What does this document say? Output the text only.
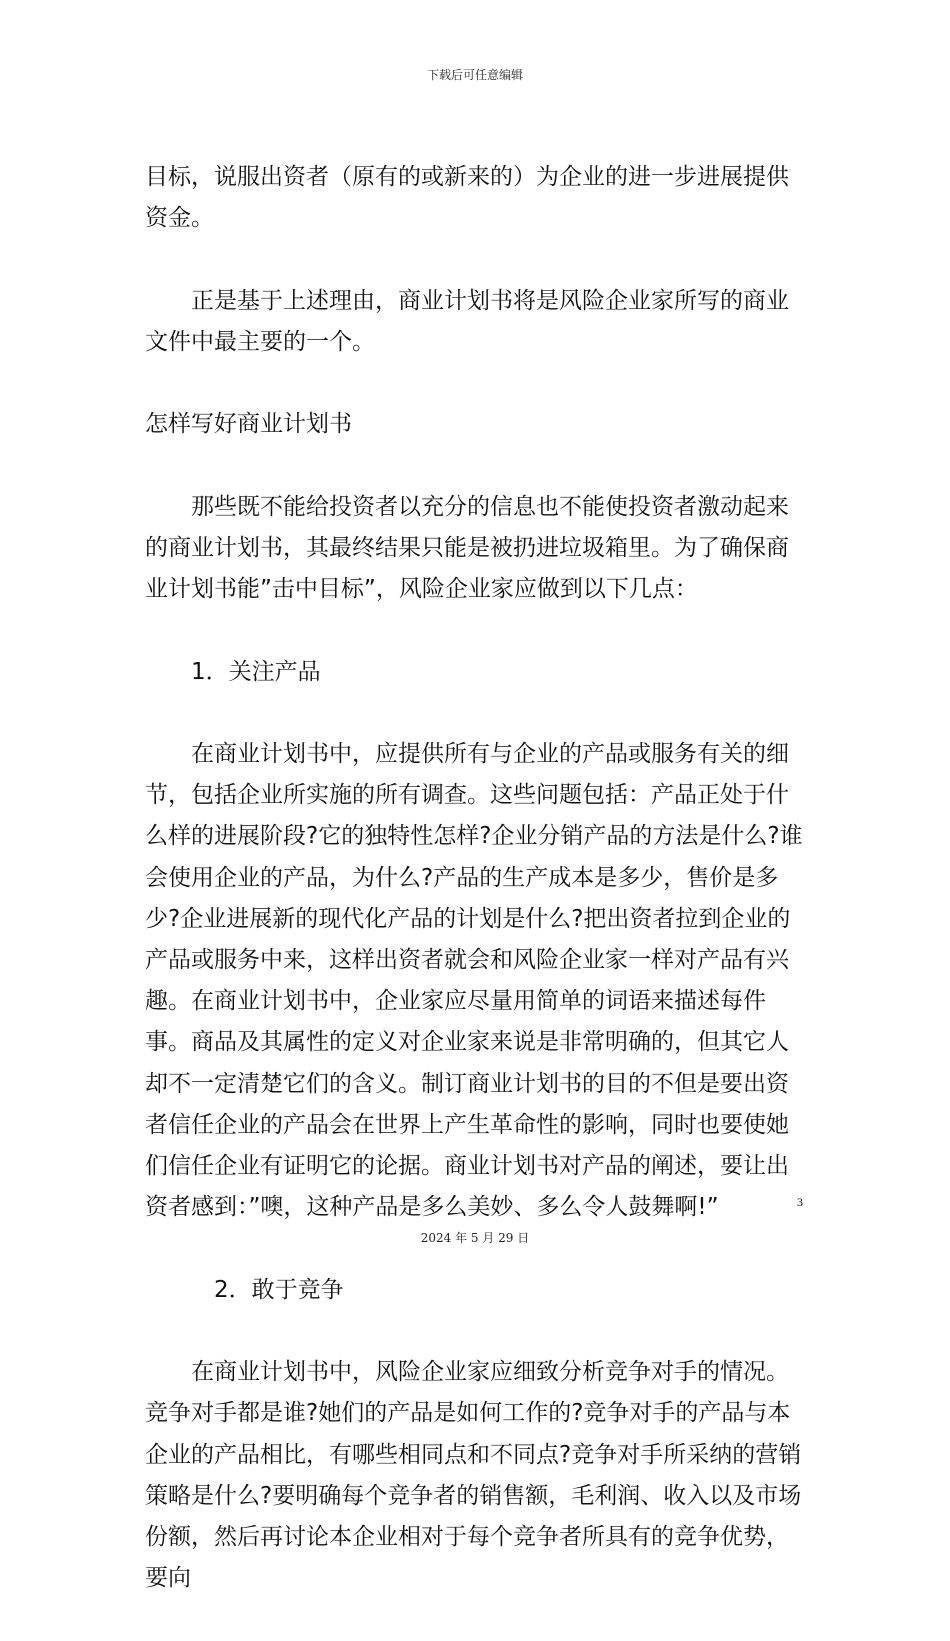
下载后可任意编辑

目标，说服出资者（原有的或新来的）为企业的进一步进展提供资金。

正是基于上述理由，商业计划书将是风险企业家所写的商业文件中最主要的一个。

怎样写好商业计划书

那些既不能给投资者以充分的信息也不能使投资者激动起来的商业计划书，其最终结果只能是被扔进垃圾箱里。为了确保商业计划书能”击中目标”，风险企业家应做到以下几点：

1．关注产品

在商业计划书中，应提供所有与企业的产品或服务有关的细节，包括企业所实施的所有调查。这些问题包括：产品正处于什么样的进展阶段?它的独特性怎样?企业分销产品的方法是什么?谁会使用企业的产品，为什么?产品的生产成本是多少，售价是多少?企业进展新的现代化产品的计划是什么?把出资者拉到企业的产品或服务中来，这样出资者就会和风险企业家一样对产品有兴趣。在商业计划书中，企业家应尽量用简单的词语来描述每件事。商品及其属性的定义对企业家来说是非常明确的，但其它人却不一定清楚它们的含义。制订商业计划书的目的不但是要出资者信任企业的产品会在世界上产生革命性的影响，同时也要使她们信任企业有证明它的论据。商业计划书对产品的阐述，要让出资者感到：”噢，这种产品是多么美妙、多么令人鼓舞啊!”

2．敢于竞争

在商业计划书中，风险企业家应细致分析竞争对手的情况。竞争对手都是谁?她们的产品是如何工作的?竞争对手的产品与本企业的产品相比，有哪些相同点和不同点?竞争对手所采纳的营销策略是什么?要明确每个竞争者的销售额，毛利润、收入以及市场份额，然后再讨论本企业相对于每个竞争者所具有的竞争优势，要向

3
2024 年 5 月 29 日
